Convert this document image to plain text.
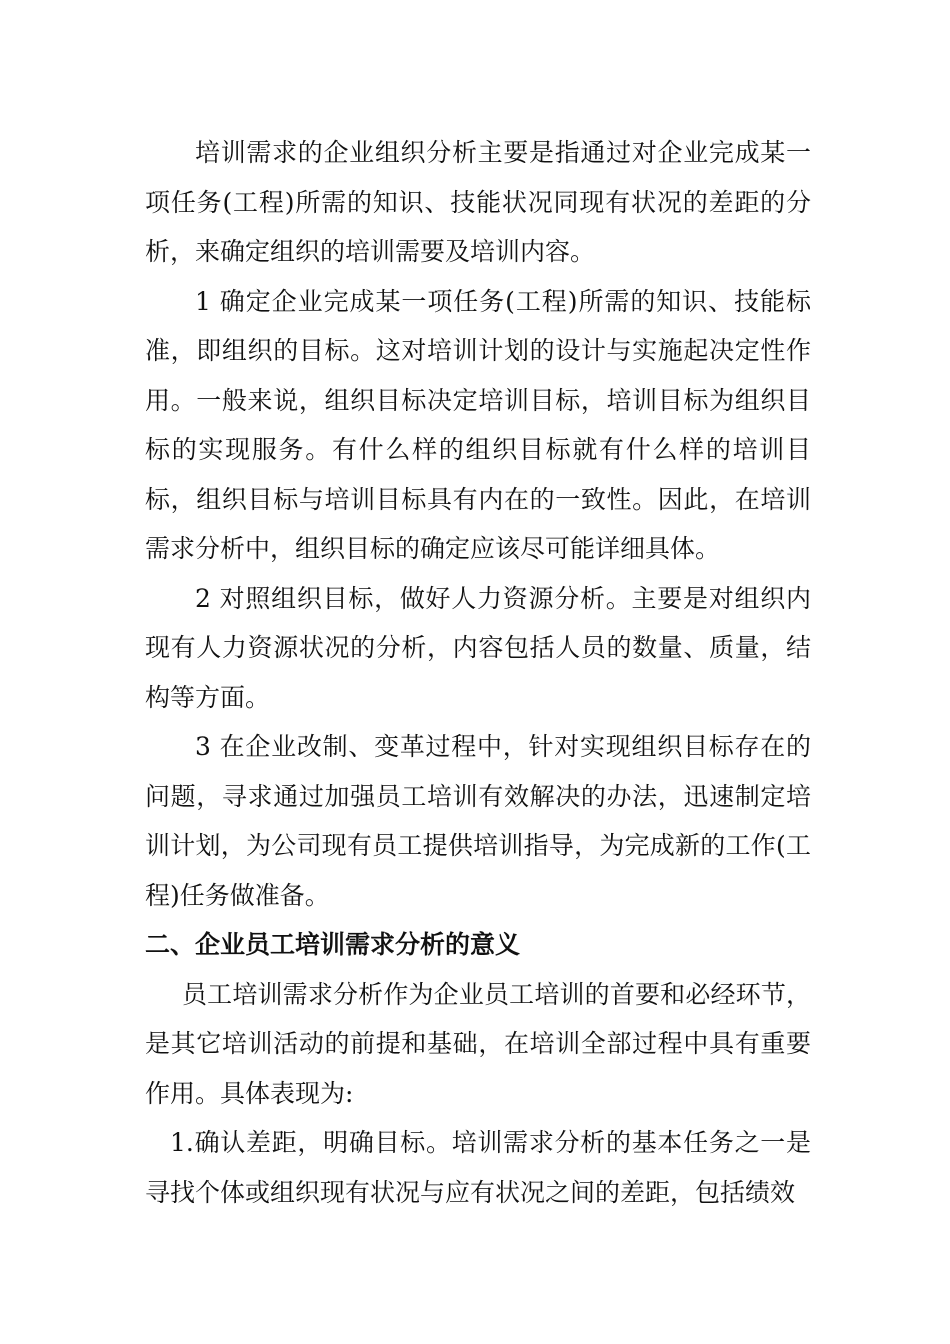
培训需求的企业组织分析主要是指通过对企业完成某一项任务(工程)所需的知识、技能状况同现有状况的差距的分析，来确定组织的培训需要及培训内容。

1 确定企业完成某一项任务(工程)所需的知识、技能标准，即组织的目标。这对培训计划的设计与实施起决定性作用。一般来说，组织目标决定培训目标，培训目标为组织目标的实现服务。有什么样的组织目标就有什么样的培训目标，组织目标与培训目标具有内在的一致性。因此，在培训需求分析中，组织目标的确定应该尽可能详细具体。

2 对照组织目标，做好人力资源分析。主要是对组织内现有人力资源状况的分析，内容包括人员的数量、质量，结构等方面。

3 在企业改制、变革过程中，针对实现组织目标存在的问题，寻求通过加强员工培训有效解决的办法，迅速制定培训计划，为公司现有员工提供培训指导，为完成新的工作(工程)任务做准备。

二、企业员工培训需求分析的意义

员工培训需求分析作为企业员工培训的首要和必经环节，是其它培训活动的前提和基础，在培训全部过程中具有重要作用。具体表现为:

1.确认差距，明确目标。培训需求分析的基本任务之一是寻找个体或组织现有状况与应有状况之间的差距，包括绩效
